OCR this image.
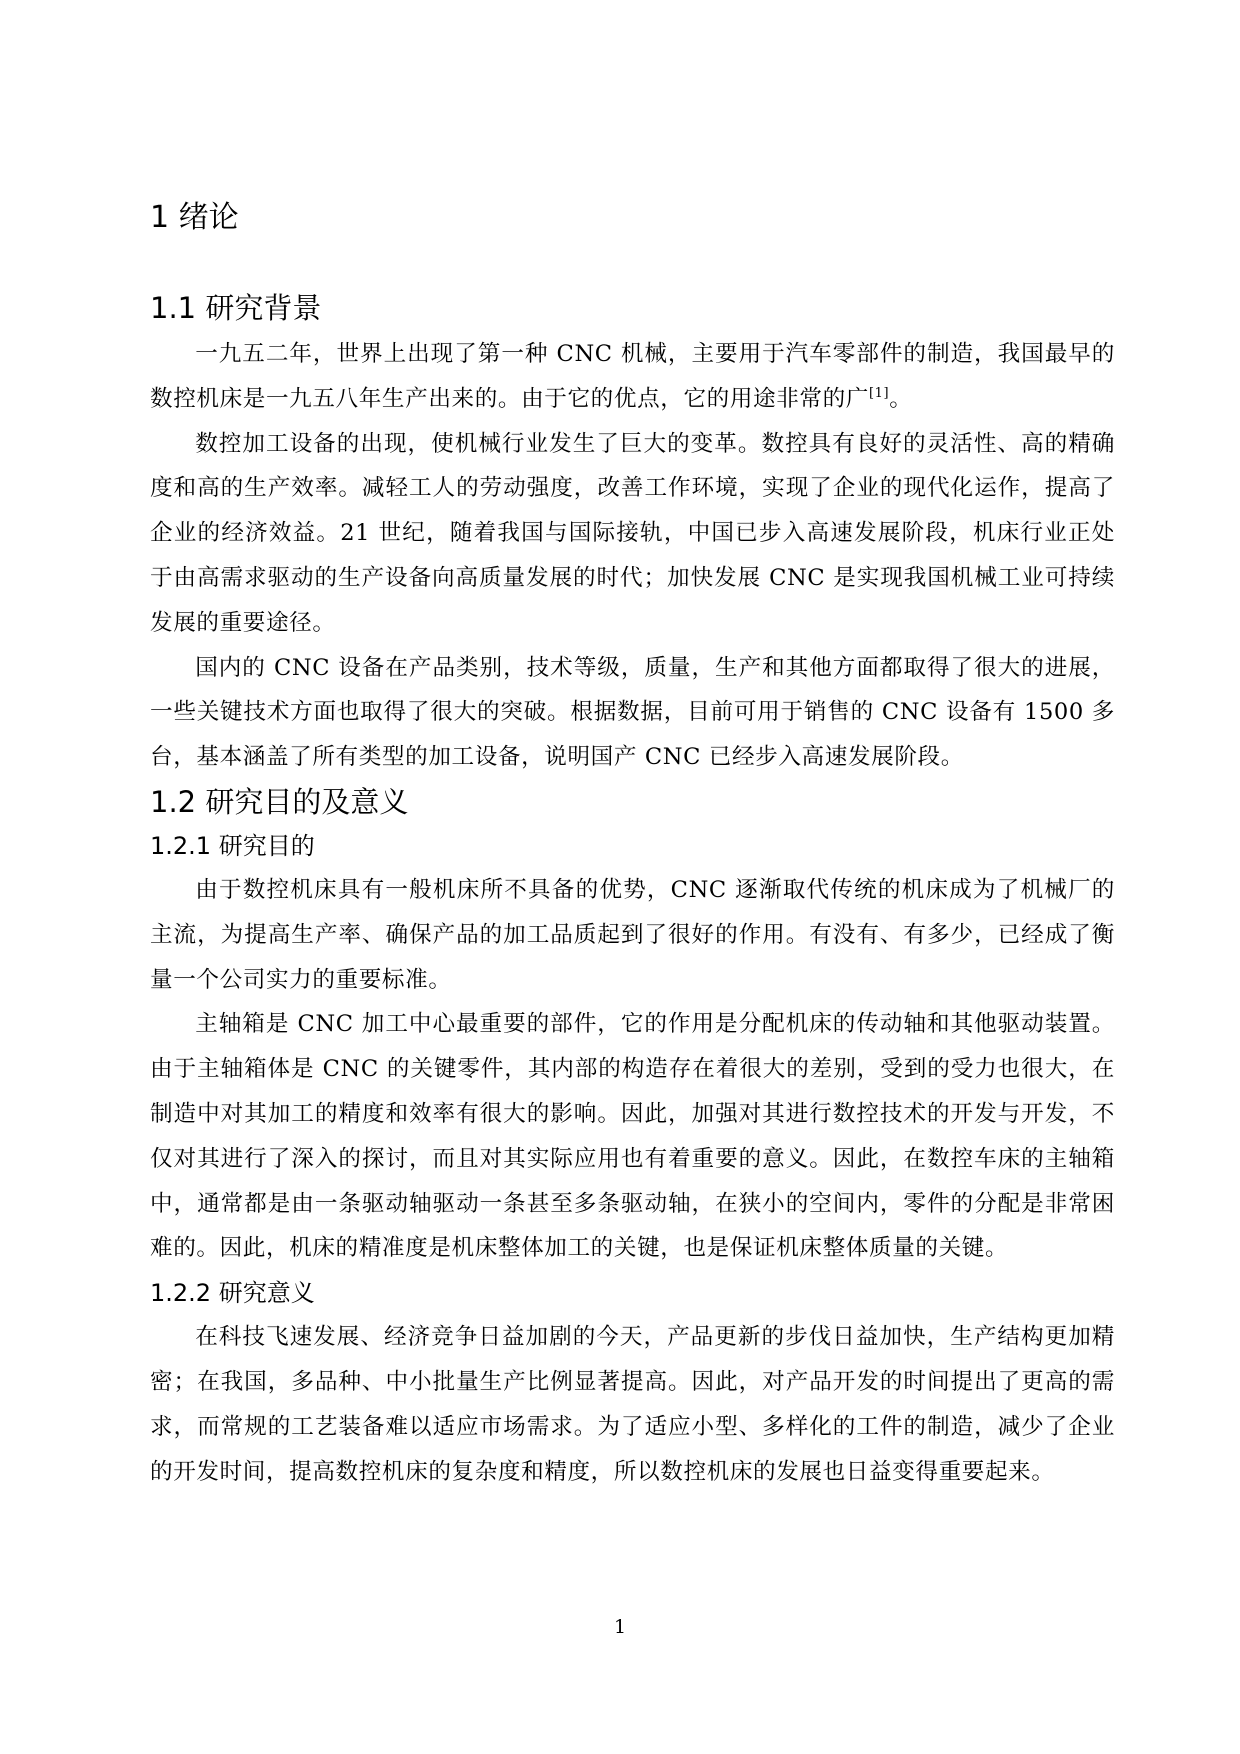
1 绪论
1.1 研究背景

一九五二年，世界上出现了第一种 CNC 机械，主要用于汽车零部件的制造，我国最早的数控机床是一九五八年生产出来的。由于它的优点，它的用途非常的广[1]。

数控加工设备的出现，使机械行业发生了巨大的变革。数控具有良好的灵活性、高的精确度和高的生产效率。减轻工人的劳动强度，改善工作环境，实现了企业的现代化运作，提高了企业的经济效益。21 世纪，随着我国与国际接轨，中国已步入高速发展阶段，机床行业正处于由高需求驱动的生产设备向高质量发展的时代；加快发展 CNC 是实现我国机械工业可持续发展的重要途径。

国内的 CNC 设备在产品类别，技术等级，质量，生产和其他方面都取得了很大的进展，一些关键技术方面也取得了很大的突破。根据数据，目前可用于销售的 CNC 设备有 1500 多台，基本涵盖了所有类型的加工设备，说明国产 CNC 已经步入高速发展阶段。

1.2 研究目的及意义
1.2.1 研究目的

由于数控机床具有一般机床所不具备的优势，CNC 逐渐取代传统的机床成为了机械厂的主流，为提高生产率、确保产品的加工品质起到了很好的作用。有没有、有多少，已经成了衡量一个公司实力的重要标准。

主轴箱是 CNC 加工中心最重要的部件，它的作用是分配机床的传动轴和其他驱动装置。由于主轴箱体是 CNC 的关键零件，其内部的构造存在着很大的差别，受到的受力也很大，在制造中对其加工的精度和效率有很大的影响。因此，加强对其进行数控技术的开发与开发，不仅对其进行了深入的探讨，而且对其实际应用也有着重要的意义。因此，在数控车床的主轴箱中，通常都是由一条驱动轴驱动一条甚至多条驱动轴，在狭小的空间内，零件的分配是非常困难的。因此，机床的精准度是机床整体加工的关键，也是保证机床整体质量的关键。

1.2.2 研究意义

在科技飞速发展、经济竞争日益加剧的今天，产品更新的步伐日益加快，生产结构更加精密；在我国，多品种、中小批量生产比例显著提高。因此，对产品开发的时间提出了更高的需求，而常规的工艺装备难以适应市场需求。为了适应小型、多样化的工件的制造，减少了企业的开发时间，提高数控机床的复杂度和精度，所以数控机床的发展也日益变得重要起来。

1
